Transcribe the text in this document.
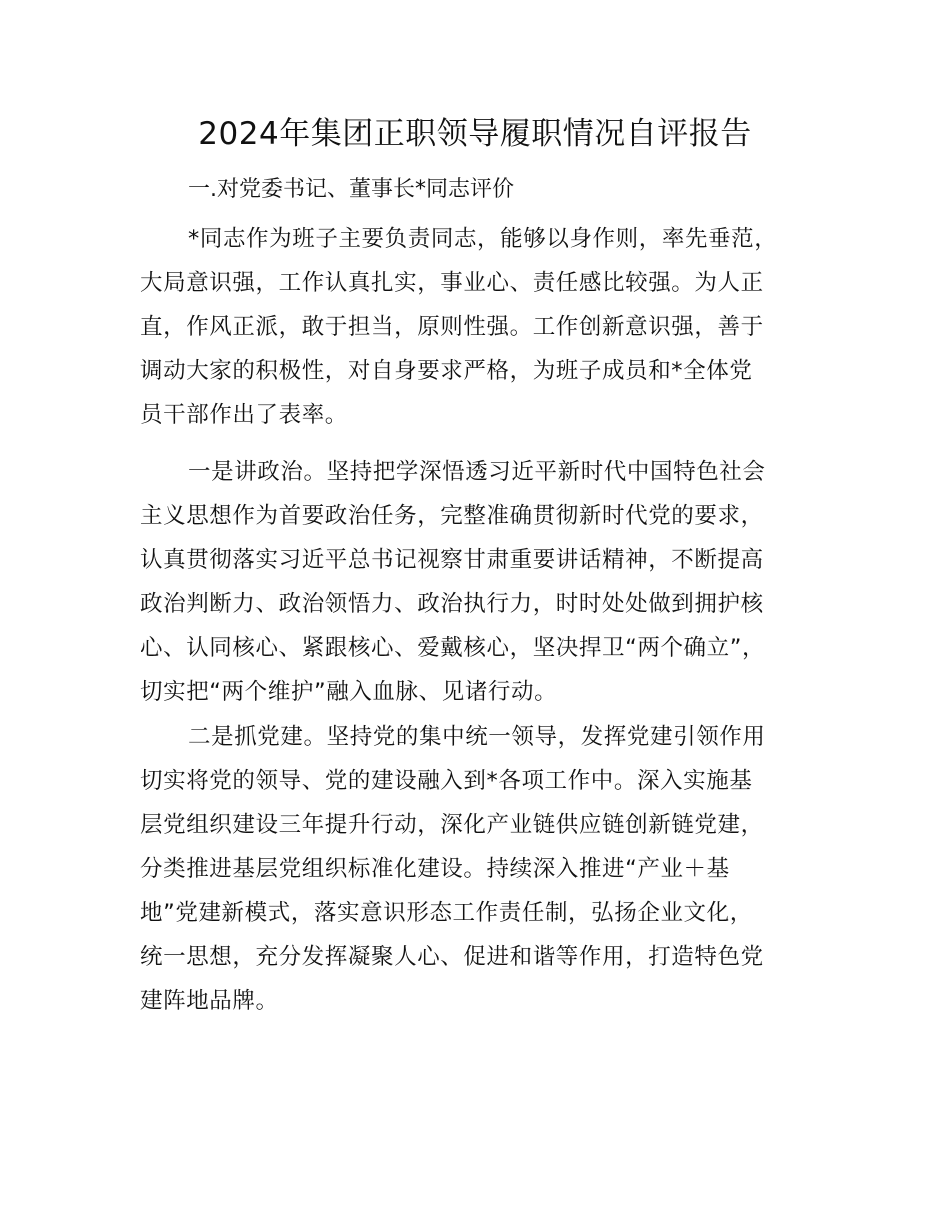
2024年集团正职领导履职情况自评报告
一.对党委书记、董事长*同志评价
*同志作为班子主要负责同志，能够以身作则，率先垂范，
大局意识强，工作认真扎实，事业心、责任感比较强。为人正
直，作风正派，敢于担当，原则性强。工作创新意识强，善于
调动大家的积极性，对自身要求严格，为班子成员和*全体党
员干部作出了表率。
一是讲政治。坚持把学深悟透习近平新时代中国特色社会
主义思想作为首要政治任务，完整准确贯彻新时代党的要求，
认真贯彻落实习近平总书记视察甘肃重要讲话精神，不断提高
政治判断力、政治领悟力、政治执行力，时时处处做到拥护核
心、认同核心、紧跟核心、爱戴核心，坚决捍卫“两个确立”，
切实把“两个维护”融入血脉、见诸行动。
二是抓党建。坚持党的集中统一领导，发挥党建引领作用
切实将党的领导、党的建设融入到*各项工作中。深入实施基
层党组织建设三年提升行动，深化产业链供应链创新链党建，
分类推进基层党组织标准化建设。持续深入推进“产业＋基
地”党建新模式，落实意识形态工作责任制，弘扬企业文化，
统一思想，充分发挥凝聚人心、促进和谐等作用，打造特色党
建阵地品牌。
